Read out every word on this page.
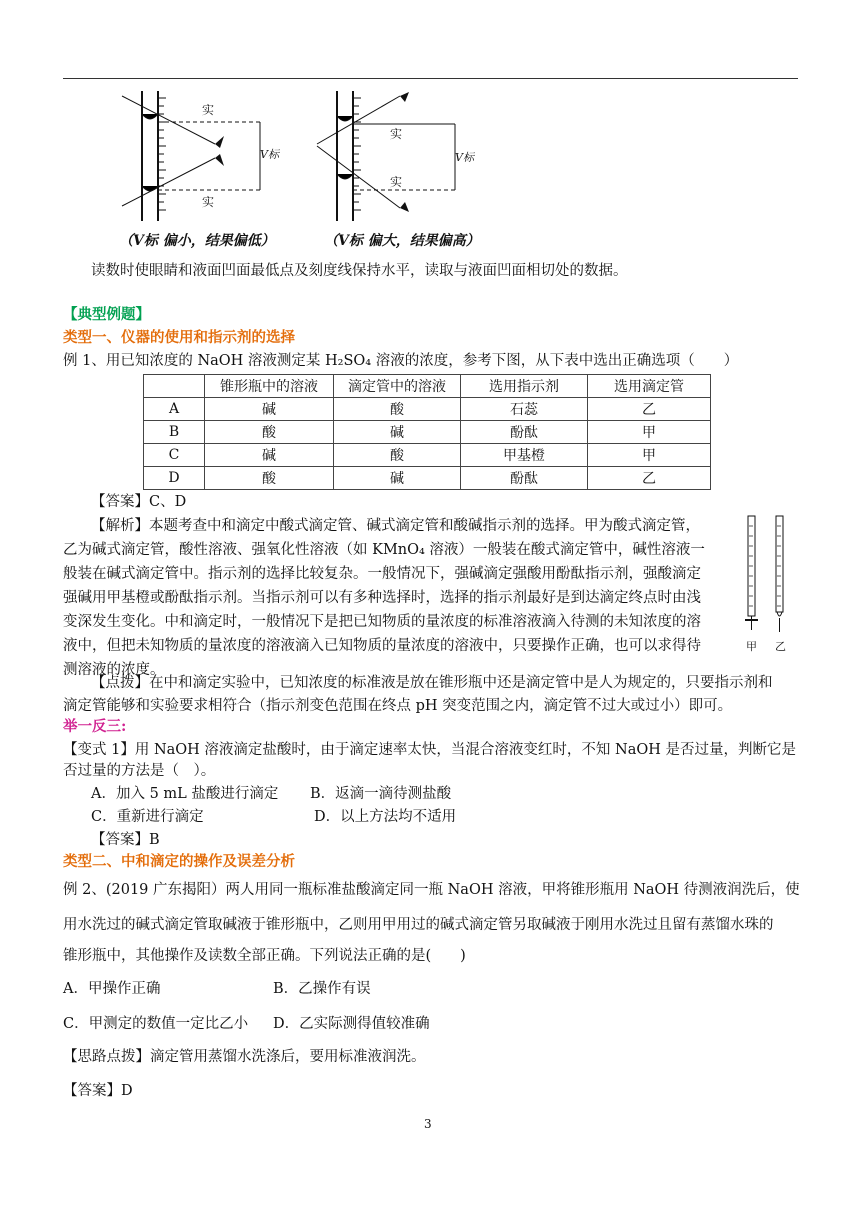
实
实
V标
（V标 偏小，结果偏低）
实
实
V标
（V标 偏大，结果偏高）
读数时使眼睛和液面凹面最低点及刻度线保持水平，读取与液面凹面相切处的数据。
【典型例题】
类型一、仪器的使用和指示剂的选择
例 1、用已知浓度的 NaOH 溶液测定某 H₂SO₄ 溶液的浓度，参考下图，从下表中选出正确选项（　　）
	锥形瓶中的溶液	滴定管中的溶液	选用指示剂	选用滴定管
A	碱	酸	石蕊	乙
B	酸	碱	酚酞	甲
C	碱	酸	甲基橙	甲
D	酸	碱	酚酞	乙
【答案】C、D
【解析】本题考查中和滴定中酸式滴定管、碱式滴定管和酸碱指示剂的选择。甲为酸式滴定管，
乙为碱式滴定管，酸性溶液、强氧化性溶液（如 KMnO₄ 溶液）一般装在酸式滴定管中，碱性溶液一
般装在碱式滴定管中。指示剂的选择比较复杂。一般情况下，强碱滴定强酸用酚酞指示剂，强酸滴定
强碱用甲基橙或酚酞指示剂。当指示剂可以有多种选择时，选择的指示剂最好是到达滴定终点时由浅
变深发生变化。中和滴定时，一般情况下是把已知物质的量浓度的标准溶液滴入待测的未知浓度的溶
液中，但把未知物质的量浓度的溶液滴入已知物质的量浓度的溶液中，只要操作正确，也可以求得待
测溶液的浓度。
甲 乙
【点拨】在中和滴定实验中，已知浓度的标准液是放在锥形瓶中还是滴定管中是人为规定的，只要指示剂和
滴定管能够和实验要求相符合（指示剂变色范围在终点 pH 突变范围之内，滴定管不过大或过小）即可。
举一反三:
【变式 1】用 NaOH 溶液滴定盐酸时，由于滴定速率太快，当混合溶液变红时，不知 NaOH 是否过量，判断它是
否过量的方法是（　）。
A．加入 5 mL 盐酸进行滴定 B．返滴一滴待测盐酸
C．重新进行滴定	D．以上方法均不适用
【答案】B
类型二、中和滴定的操作及误差分析
例 2、(2019 广东揭阳）两人用同一瓶标准盐酸滴定同一瓶 NaOH 溶液，甲将锥形瓶用 NaOH 待测液润洗后，使
用水洗过的碱式滴定管取碱液于锥形瓶中，乙则用甲用过的碱式滴定管另取碱液于刚用水洗过且留有蒸馏水珠的
锥形瓶中，其他操作及读数全部正确。下列说法正确的是(　　)
A．甲操作正确	B．乙操作有误
C．甲测定的数值一定比乙小 D．乙实际测得值较准确
【思路点拨】滴定管用蒸馏水洗涤后，要用标准液润洗。
【答案】D
3
